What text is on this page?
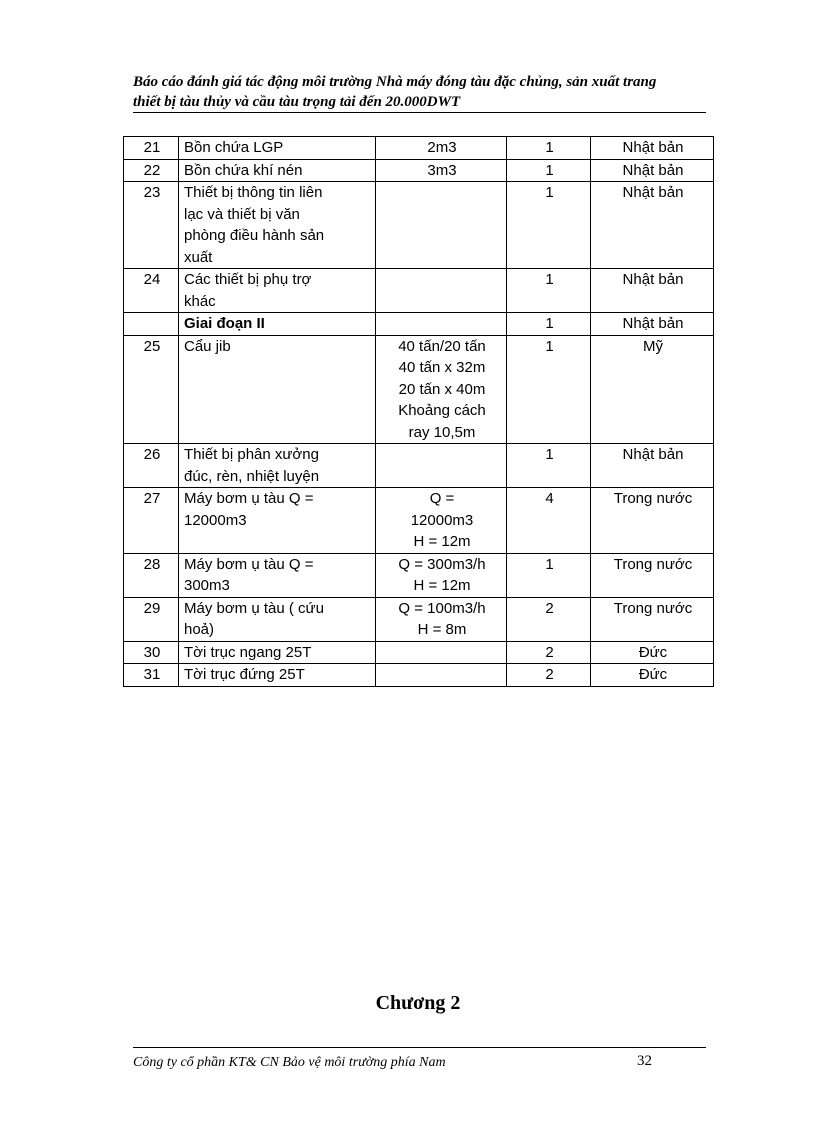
Báo cáo đánh giá tác động môi trường Nhà máy đóng tàu đặc chủng, sản xuất trang
thiết bị tàu thủy và cầu tàu trọng tải đến 20.000DWT
21	Bồn chứa LGP	2m3	1	Nhật bản
22	Bồn chứa khí nén	3m3	1	Nhật bản
23	Thiết bị thông tin liên
lạc và thiết bị văn
phòng điều hành sản
xuất		1	Nhật bản
24	Các thiết bị phụ trợ
khác		1	Nhật bản

	Giai đoạn II		1	Nhật bản
25	Cẩu jib	40 tấn/20 tấn
40 tấn x 32m
20 tấn x 40m
Khoảng cách
ray 10,5m	1	Mỹ
26	Thiết bị phân xưởng
đúc, rèn, nhiệt luyện		1	Nhật bản
27	Máy bơm ụ tàu Q =
12000m3	Q =
12000m3
H = 12m	4	Trong nước
28	Máy bơm ụ tàu Q =
300m3	Q = 300m3/h
H = 12m	1	Trong nước
29	Máy bơm ụ tàu ( cứu
hoả)	Q = 100m3/h
H = 8m	2	Trong nước
30	Tời trục ngang 25T		2	Đức
31	Tời trục đứng 25T		2	Đức
Chương 2
Công ty cổ phần KT& CN Bảo vệ môi trường phía Nam	32
